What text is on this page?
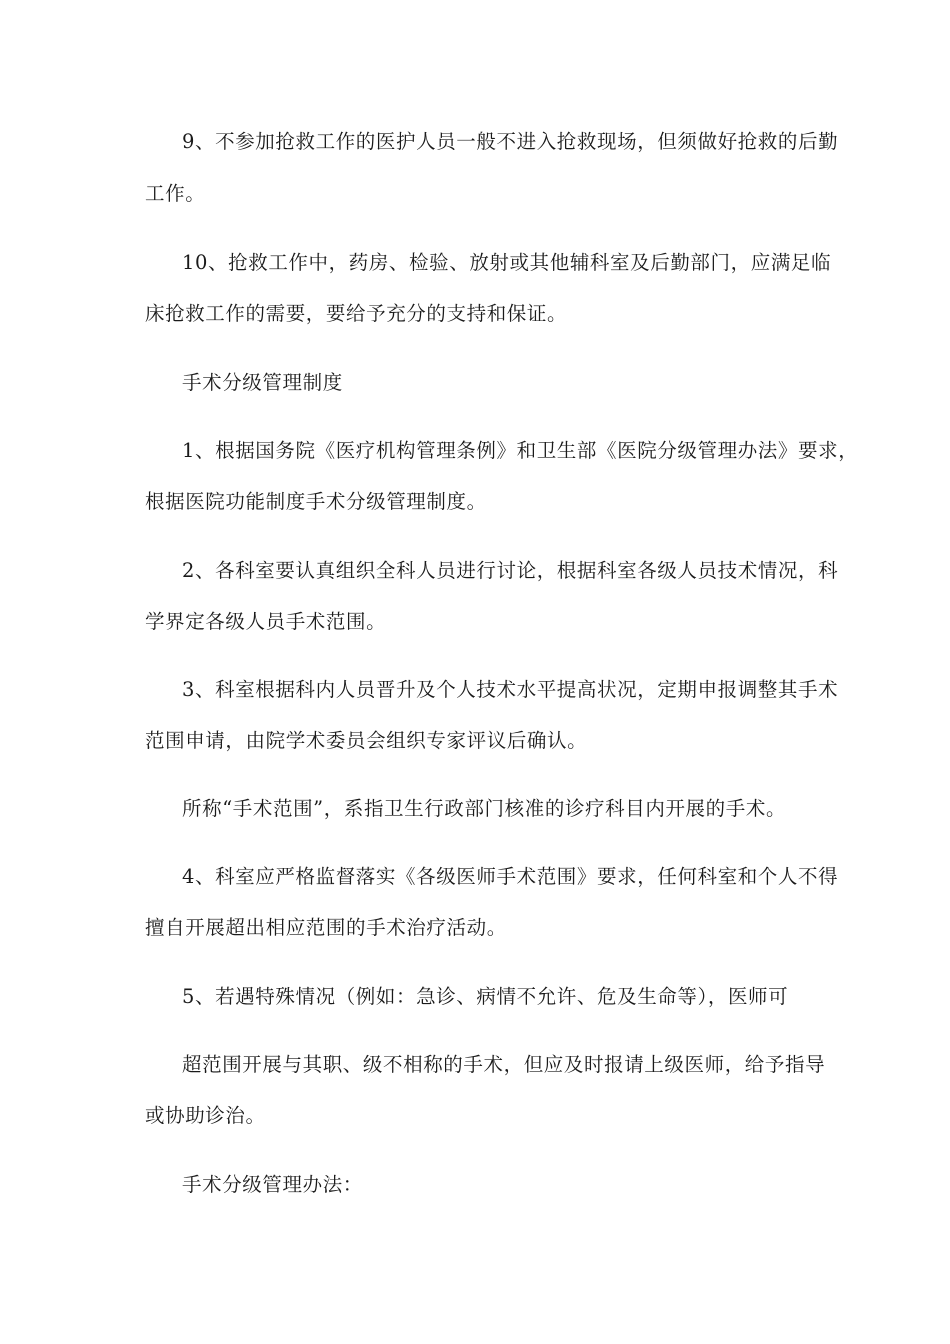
9、不参加抢救工作的医护人员一般不进入抢救现场，但须做好抢救的后勤
工作。
10、抢救工作中，药房、检验、放射或其他辅科室及后勤部门，应满足临
床抢救工作的需要，要给予充分的支持和保证。
手术分级管理制度
1、根据国务院《医疗机构管理条例》和卫生部《医院分级管理办法》要求，
根据医院功能制度手术分级管理制度。
2、各科室要认真组织全科人员进行讨论，根据科室各级人员技术情况，科
学界定各级人员手术范围。
3、科室根据科内人员晋升及个人技术水平提高状况，定期申报调整其手术
范围申请，由院学术委员会组织专家评议后确认。
所称“手术范围”，系指卫生行政部门核准的诊疗科目内开展的手术。
4、科室应严格监督落实《各级医师手术范围》要求，任何科室和个人不得
擅自开展超出相应范围的手术治疗活动。
5、若遇特殊情况（例如：急诊、病情不允许、危及生命等），医师可
超范围开展与其职、级不相称的手术，但应及时报请上级医师，给予指导
或协助诊治。
手术分级管理办法：
